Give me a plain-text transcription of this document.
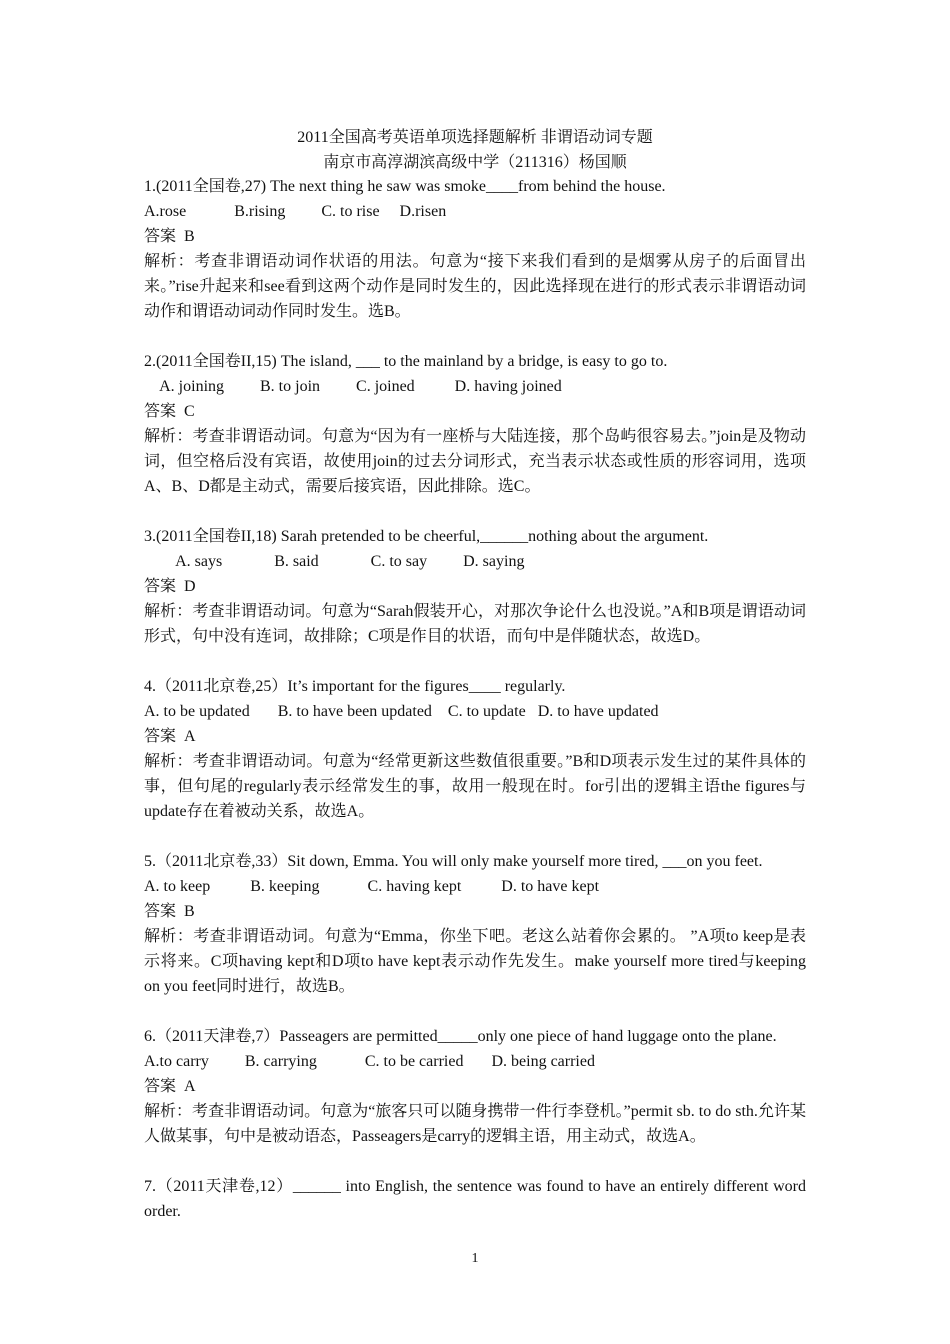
2011全国高考英语单项选择题解析 非谓语动词专题
南京市高淳湖滨高级中学（211316）杨国顺
1.(2011全国卷,27) The next thing he saw was smoke____from behind the house.
A.rose            B.rising         C. to rise     D.risen
答案  B
解析：考查非谓语动词作状语的用法。句意为“接下来我们看到的是烟雾从房子的后面冒出来。”rise升起来和see看到这两个动作是同时发生的，因此选择现在进行的形式表示非谓语动词动作和谓语动词动作同时发生。选B。
2.(2011全国卷II,15) The island, ___ to the mainland by a bridge, is easy to go to.
A. joining         B. to join         C. joined          D. having joined
答案  C
解析：考查非谓语动词。句意为“因为有一座桥与大陆连接，那个岛屿很容易去。”join是及物动词，但空格后没有宾语，故使用join的过去分词形式，充当表示状态或性质的形容词用，选项A、B、D都是主动式，需要后接宾语，因此排除。选C。
3.(2011全国卷II,18) Sarah pretended to be cheerful,______nothing about the argument.
A. says             B. said             C. to say         D. saying
答案  D
解析：考查非谓语动词。句意为“Sarah假装开心，对那次争论什么也没说。”A和B项是谓语动词形式，句中没有连词，故排除；C项是作目的状语，而句中是伴随状态，故选D。
4.（2011北京卷,25）It’s important for the figures____ regularly.
A. to be updated       B. to have been updated    C. to update   D. to have updated
答案  A
解析：考查非谓语动词。句意为“经常更新这些数值很重要。”B和D项表示发生过的某件具体的事，但句尾的regularly表示经常发生的事，故用一般现在时。for引出的逻辑主语the figures与update存在着被动关系，故选A。
5.（2011北京卷,33）Sit down, Emma. You will only make yourself more tired, ___on you feet.
A. to keep          B. keeping            C. having kept          D. to have kept
答案  B
解析：考查非谓语动词。句意为“Emma，你坐下吧。老这么站着你会累的。 ”A项to keep是表示将来。C项having kept和D项to have kept表示动作先发生。make yourself more tired与keeping on you feet同时进行，故选B。
6.（2011天津卷,7）Passeagers are permitted_____only one piece of hand luggage onto the plane.
A.to carry         B. carrying            C. to be carried       D. being carried
答案  A
解析：考查非谓语动词。句意为“旅客只可以随身携带一件行李登机。”permit sb. to do sth.允许某人做某事，句中是被动语态，Passeagers是carry的逻辑主语，用主动式，故选A。
7.（2011天津卷,12）______ into English, the sentence was found to have an entirely different word order.
1
